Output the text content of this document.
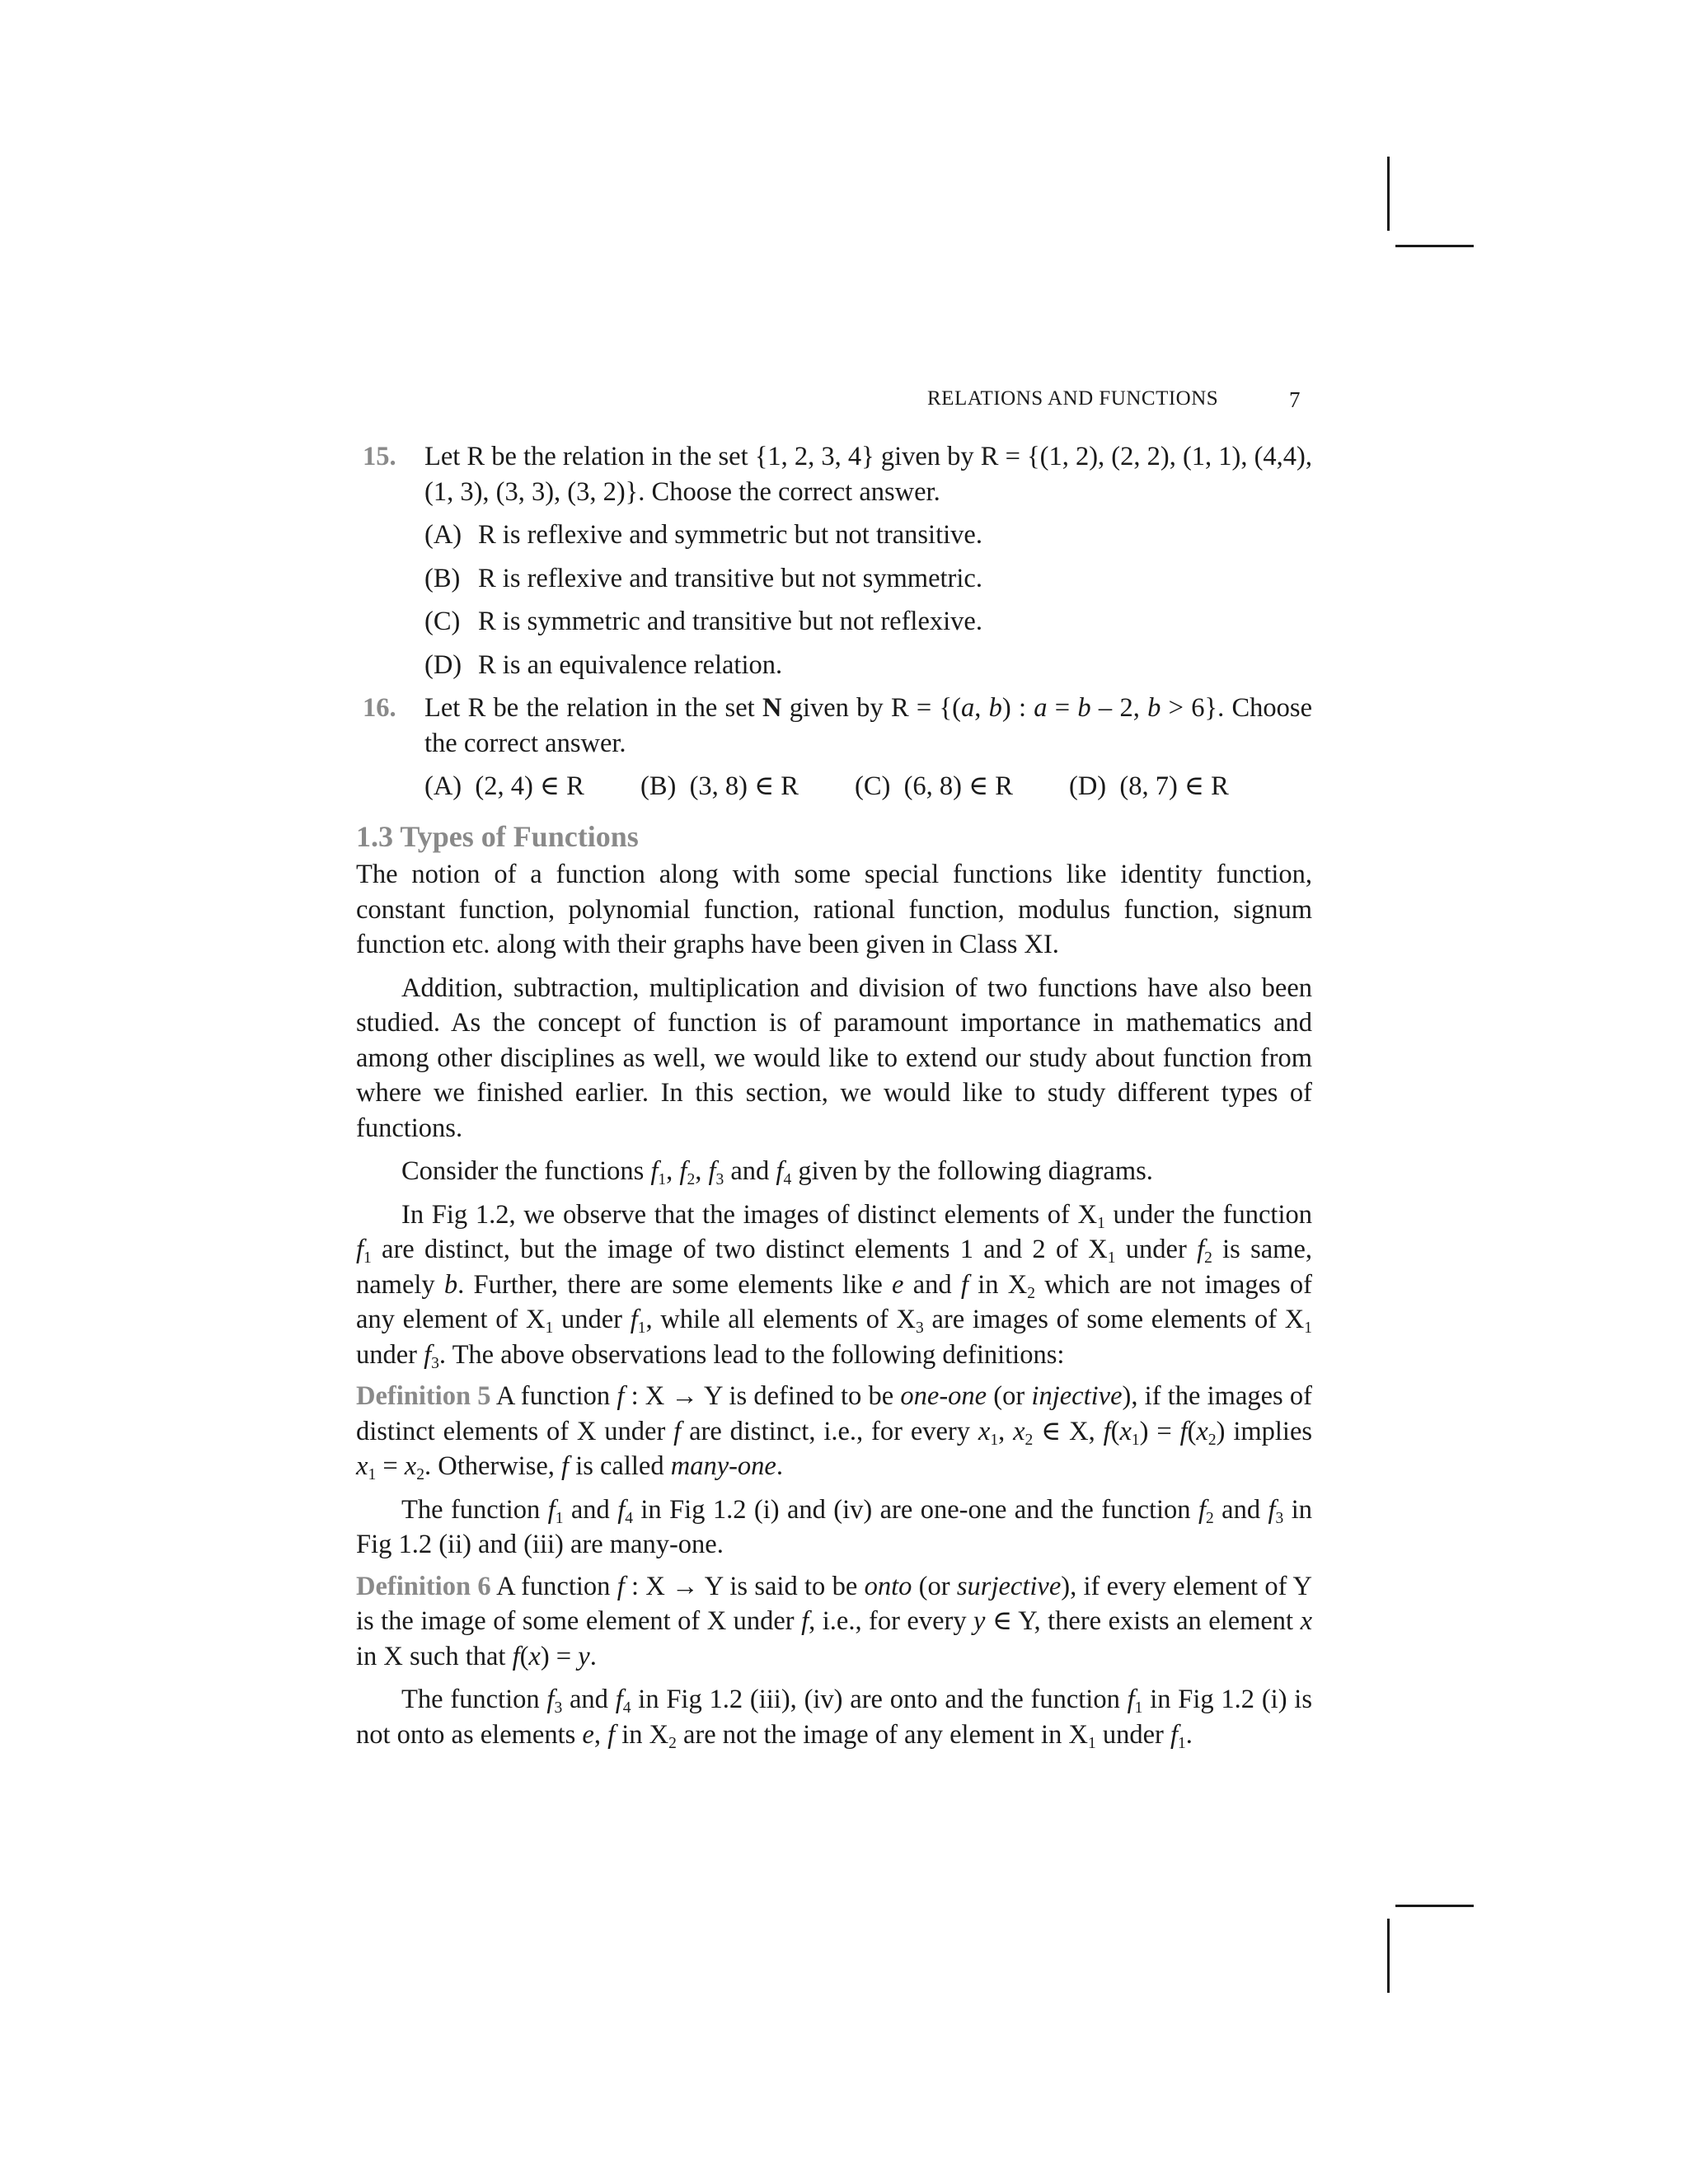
RELATIONS AND FUNCTIONS	7
15. Let R be the relation in the set {1, 2, 3, 4} given by R = {(1, 2), (2, 2), (1, 1), (4,4), (1, 3), (3, 3), (3, 2)}. Choose the correct answer.
(A) R is reflexive and symmetric but not transitive.
(B) R is reflexive and transitive but not symmetric.
(C) R is symmetric and transitive but not reflexive.
(D) R is an equivalence relation.
16. Let R be the relation in the set N given by R = {(a, b) : a = b – 2, b > 6}. Choose the correct answer.
(A) (2, 4) ∈ R	(B) (3, 8) ∈ R	(C) (6, 8) ∈ R	(D) (8, 7) ∈ R
1.3 Types of Functions

The notion of a function along with some special functions like identity function, constant function, polynomial function, rational function, modulus function, signum function etc. along with their graphs have been given in Class XI.

Addition, subtraction, multiplication and division of two functions have also been studied. As the concept of function is of paramount importance in mathematics and among other disciplines as well, we would like to extend our study about function from where we finished earlier. In this section, we would like to study different types of functions.

Consider the functions $f_1$, $f_2$, $f_3$ and $f_4$ given by the following diagrams.

In Fig 1.2, we observe that the images of distinct elements of $X_1$ under the function $f_1$ are distinct, but the image of two distinct elements 1 and 2 of $X_1$ under $f_2$ is same, namely b. Further, there are some elements like e and f in $X_2$ which are not images of any element of $X_1$ under $f_1$, while all elements of $X_3$ are images of some elements of $X_1$ under $f_3$. The above observations lead to the following definitions:

Definition 5 A function f : X → Y is defined to be one-one (or injective), if the images of distinct elements of X under f are distinct, i.e., for every $x_1$, $x_2$ ∈ X, $f(x_1) = f(x_2)$ implies $x_1 = x_2$. Otherwise, f is called many-one.

The function $f_1$ and $f_4$ in Fig 1.2 (i) and (iv) are one-one and the function $f_2$ and $f_3$ in Fig 1.2 (ii) and (iii) are many-one.

Definition 6 A function f : X → Y is said to be onto (or surjective), if every element of Y is the image of some element of X under f, i.e., for every y ∈ Y, there exists an element x in X such that f(x) = y.

The function $f_3$ and $f_4$ in Fig 1.2 (iii), (iv) are onto and the function $f_1$ in Fig 1.2 (i) is not onto as elements e, f in $X_2$ are not the image of any element in $X_1$ under $f_1$.
